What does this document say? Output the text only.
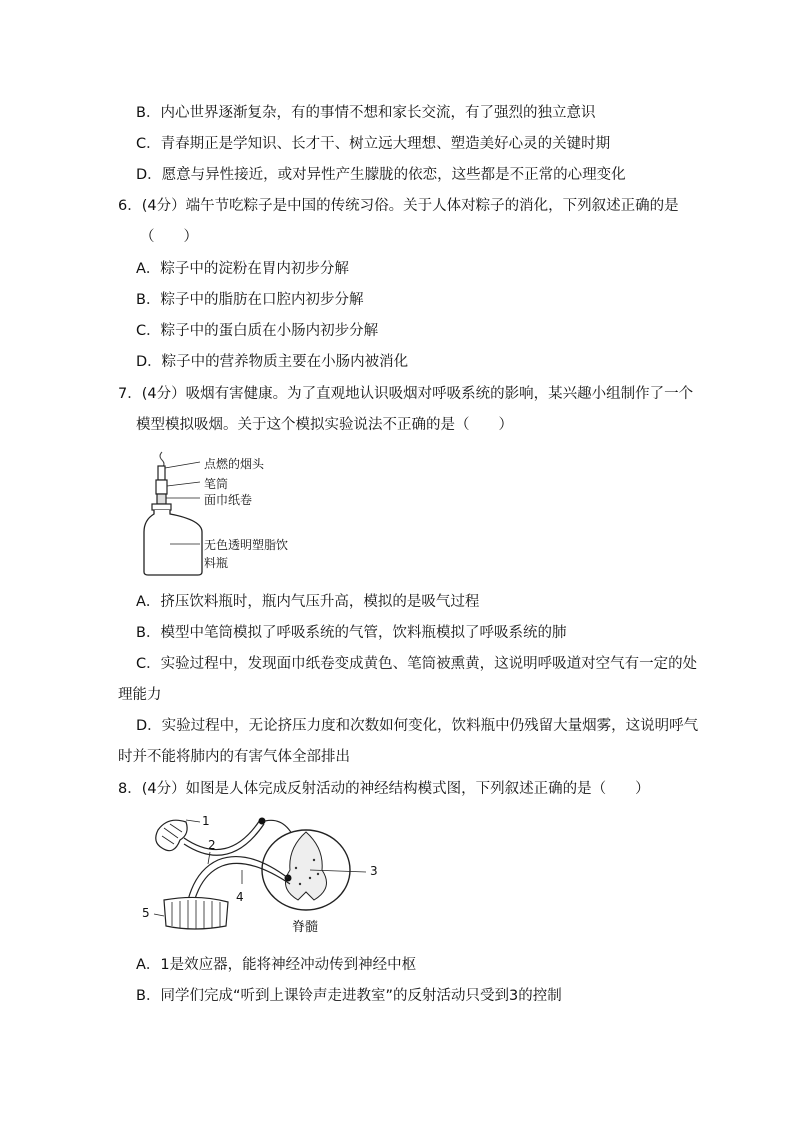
B．内心世界逐渐复杂，有的事情不想和家长交流，有了强烈的独立意识
C．青春期正是学知识、长才干、树立远大理想、塑造美好心灵的关键时期
D．愿意与异性接近，或对异性产生朦胧的依恋，这些都是不正常的心理变化
6．(4分）端午节吃粽子是中国的传统习俗。关于人体对粽子的消化，下列叙述正确的是
（　　）
A．粽子中的淀粉在胃内初步分解
B．粽子中的脂肪在口腔内初步分解
C．粽子中的蛋白质在小肠内初步分解
D．粽子中的营养物质主要在小肠内被消化
7．(4分）吸烟有害健康。为了直观地认识吸烟对呼吸系统的影响，某兴趣小组制作了一个
模型模拟吸烟。关于这个模拟实验说法不正确的是（　　）
点燃的烟头
笔筒
面巾纸卷
无色透明塑脂饮
料瓶
A．挤压饮料瓶时，瓶内气压升高，模拟的是吸气过程
B．模型中笔筒模拟了呼吸系统的气管，饮料瓶模拟了呼吸系统的肺
C．实验过程中，发现面巾纸卷变成黄色、笔筒被熏黄，这说明呼吸道对空气有一定的处
理能力
D．实验过程中，无论挤压力度和次数如何变化，饮料瓶中仍残留大量烟雾，这说明呼气
时并不能将肺内的有害气体全部排出
8．(4分）如图是人体完成反射活动的神经结构模式图，下列叙述正确的是（　　）
1
2
3
4
5
脊髓
A．1是效应器，能将神经冲动传到神经中枢
B．同学们完成“听到上课铃声走进教室”的反射活动只受到3的控制
